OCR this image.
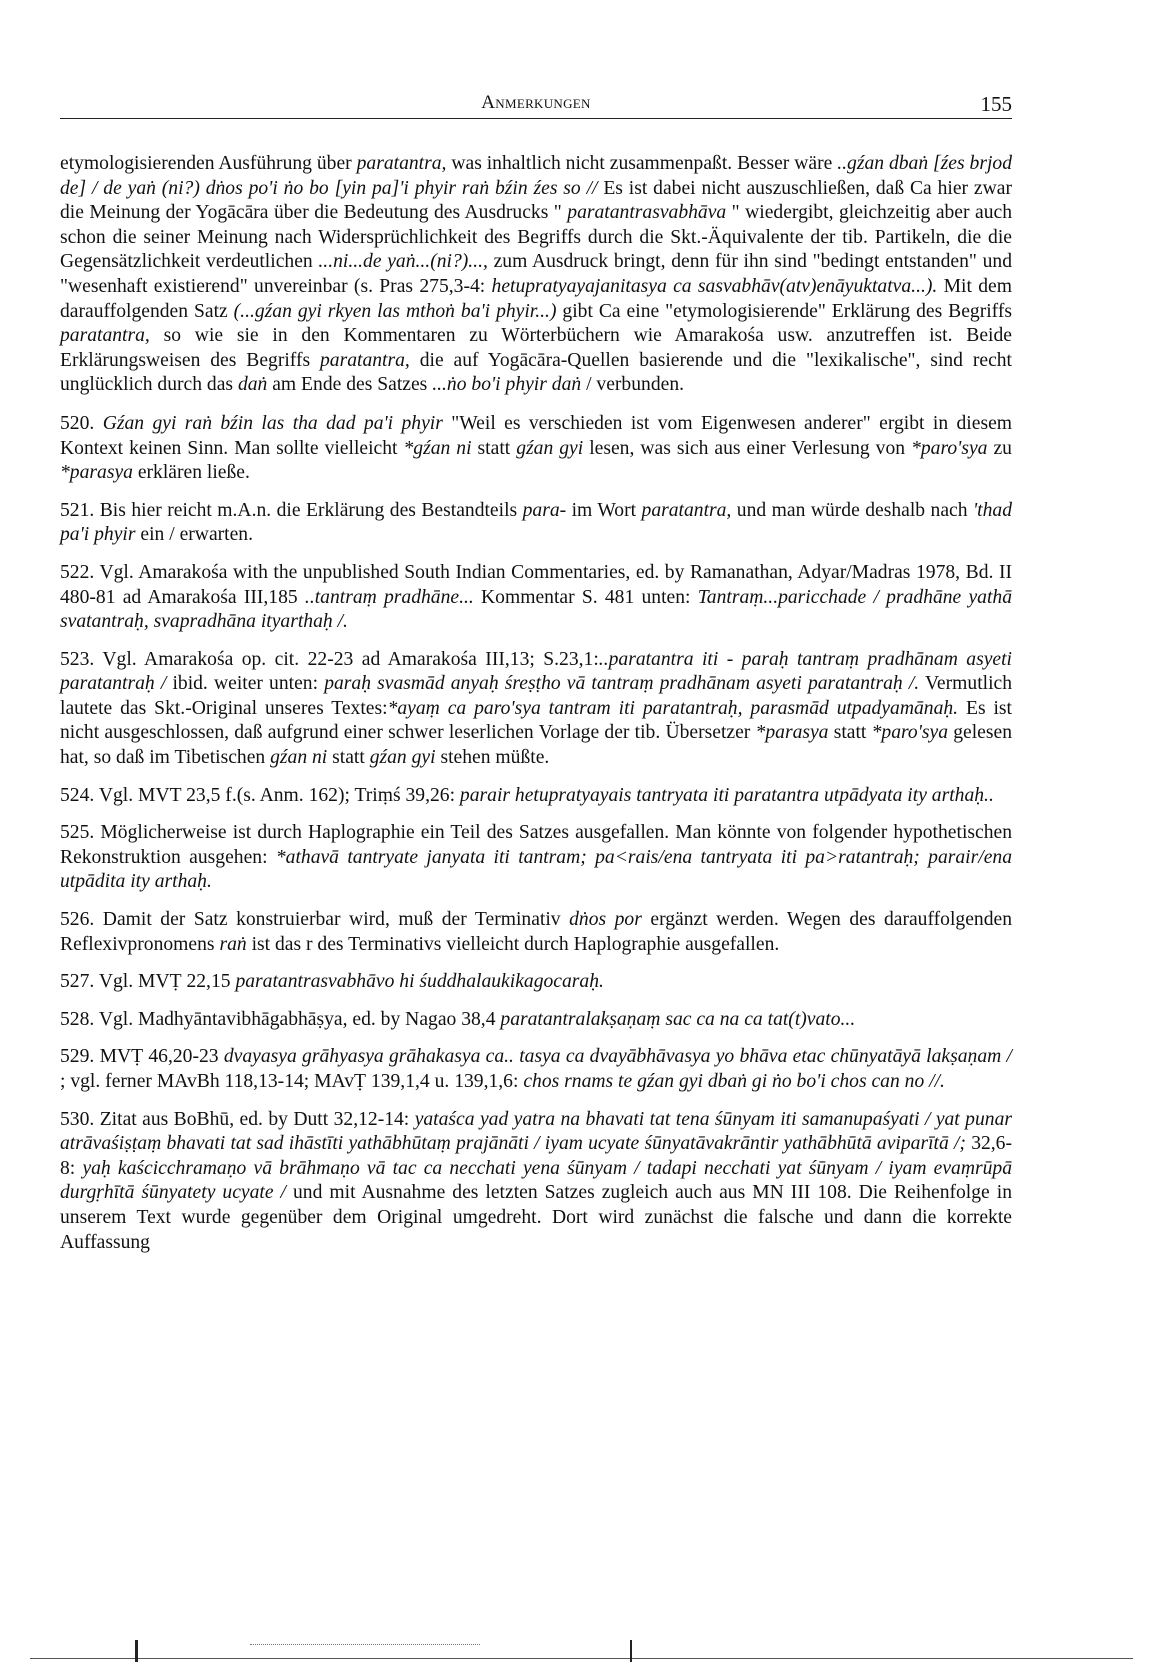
Anmerkungen	155

etymologisierenden Ausführung über paratantra, was inhaltlich nicht zusammenpaßt. Besser wäre ..gźan dbaṅ [źes brjod de] / de yaṅ (ni?) dṅos po'i ṅo bo [yin pa]'i phyir raṅ bźin źes so // Es ist dabei nicht auszuschließen, daß Ca hier zwar die Meinung der Yogācāra über die Bedeutung des Ausdrucks " paratantrasvabhāva " wiedergibt, gleichzeitig aber auch schon die seiner Meinung nach Widersprüchlichkeit des Begriffs durch die Skt.-Äquivalente der tib. Partikeln, die die Gegensätzlichkeit verdeutlichen ...ni...de yaṅ...(ni?)..., zum Ausdruck bringt, denn für ihn sind "bedingt entstanden" und "wesenhaft existierend" unvereinbar (s. Pras 275,3-4: hetupratyayajanitasya ca sasvabhāv(atv)enāyuktatva...). Mit dem darauffolgenden Satz (...gźan gyi rkyen las mthoṅ ba'i phyir...) gibt Ca eine "etymologisierende" Erklärung des Begriffs paratantra, so wie sie in den Kommentaren zu Wörterbüchern wie Amarakośa usw. anzutreffen ist. Beide Erklärungsweisen des Begriffs paratantra, die auf Yogācāra-Quellen basierende und die "lexikalische", sind recht unglücklich durch das daṅ am Ende des Satzes ...ṅo bo'i phyir daṅ / verbunden.

520. Gźan gyi raṅ bźin las tha dad pa'i phyir "Weil es verschieden ist vom Eigenwesen anderer" ergibt in diesem Kontext keinen Sinn. Man sollte vielleicht *gźan ni statt gźan gyi lesen, was sich aus einer Verlesung von *paro'sya zu *parasya erklären ließe.

521. Bis hier reicht m.A.n. die Erklärung des Bestandteils para- im Wort paratantra, und man würde deshalb nach 'thad pa'i phyir ein / erwarten.

522. Vgl. Amarakośa with the unpublished South Indian Commentaries, ed. by Ramanathan, Adyar/Madras 1978, Bd. II 480-81 ad Amarakośa III,185 ..tantraṃ pradhāne... Kommentar S. 481 unten: Tantraṃ...paricchade / pradhāne yathā svatantraḥ, svapradhāna ityarthaḥ /.

523. Vgl. Amarakośa op. cit. 22-23 ad Amarakośa III,13; S.23,1:..paratantra iti - paraḥ tantraṃ pradhānam asyeti paratantraḥ / ibid. weiter unten: paraḥ svasmād anyaḥ śreṣṭho vā tantraṃ pradhānam asyeti paratantraḥ /. Vermutlich lautete das Skt.-Original unseres Textes:*ayaṃ ca paro'sya tantram iti paratantraḥ, parasmād utpadyamānaḥ. Es ist nicht ausgeschlossen, daß aufgrund einer schwer leserlichen Vorlage der tib. Übersetzer *parasya statt *paro'sya gelesen hat, so daß im Tibetischen gźan ni statt gźan gyi stehen müßte.

524. Vgl. MVT 23,5 f.(s. Anm. 162); Triṃś 39,26: parair hetupratyayais tantryata iti paratantra utpādyata ity arthaḥ..

525. Möglicherweise ist durch Haplographie ein Teil des Satzes ausgefallen. Man könnte von folgender hypothetischen Rekonstruktion ausgehen: *athavā tantryate janyata iti tantram; pa<rais/ena tantryata iti pa>ratantraḥ; parair/ena utpādita ity arthaḥ.

526. Damit der Satz konstruierbar wird, muß der Terminativ dṅos por ergänzt werden. Wegen des darauffolgenden Reflexivpronomens raṅ ist das r des Terminativs vielleicht durch Haplographie ausgefallen.

527. Vgl. MVṬ 22,15 paratantrasvabhāvo hi śuddhalaukikagocaraḥ.

528. Vgl. Madhyāntavibhāgabhāṣya, ed. by Nagao 38,4 paratantralakṣaṇaṃ sac ca na ca tat(t)vato...

529. MVṬ 46,20-23 dvayasya grāhyasya grāhakasya ca.. tasya ca dvayābhāvasya yo bhāva etac chūnyatāyā lakṣaṇam / ; vgl. ferner MAvBh 118,13-14; MAvṬ 139,1,4 u. 139,1,6: chos rnams te gźan gyi dbaṅ gi ṅo bo'i chos can no //.

530. Zitat aus BoBhū, ed. by Dutt 32,12-14: yataśca yad yatra na bhavati tat tena śūnyam iti samanupaśyati / yat punar atrāvaśiṣṭaṃ bhavati tat sad ihāstīti yathābhūtaṃ prajānāti / iyam ucyate śūnyatāvakrāntir yathābhūtā aviparītā /; 32,6-8: yaḥ kaścicchramaṇo vā brāhmaṇo vā tac ca necchati yena śūnyam / tadapi necchati yat śūnyam / iyam evaṃrūpā durgṛhītā śūnyatety ucyate / und mit Ausnahme des letzten Satzes zugleich auch aus MN III 108. Die Reihenfolge in unserem Text wurde gegenüber dem Original umgedreht. Dort wird zunächst die falsche und dann die korrekte Auffassung
